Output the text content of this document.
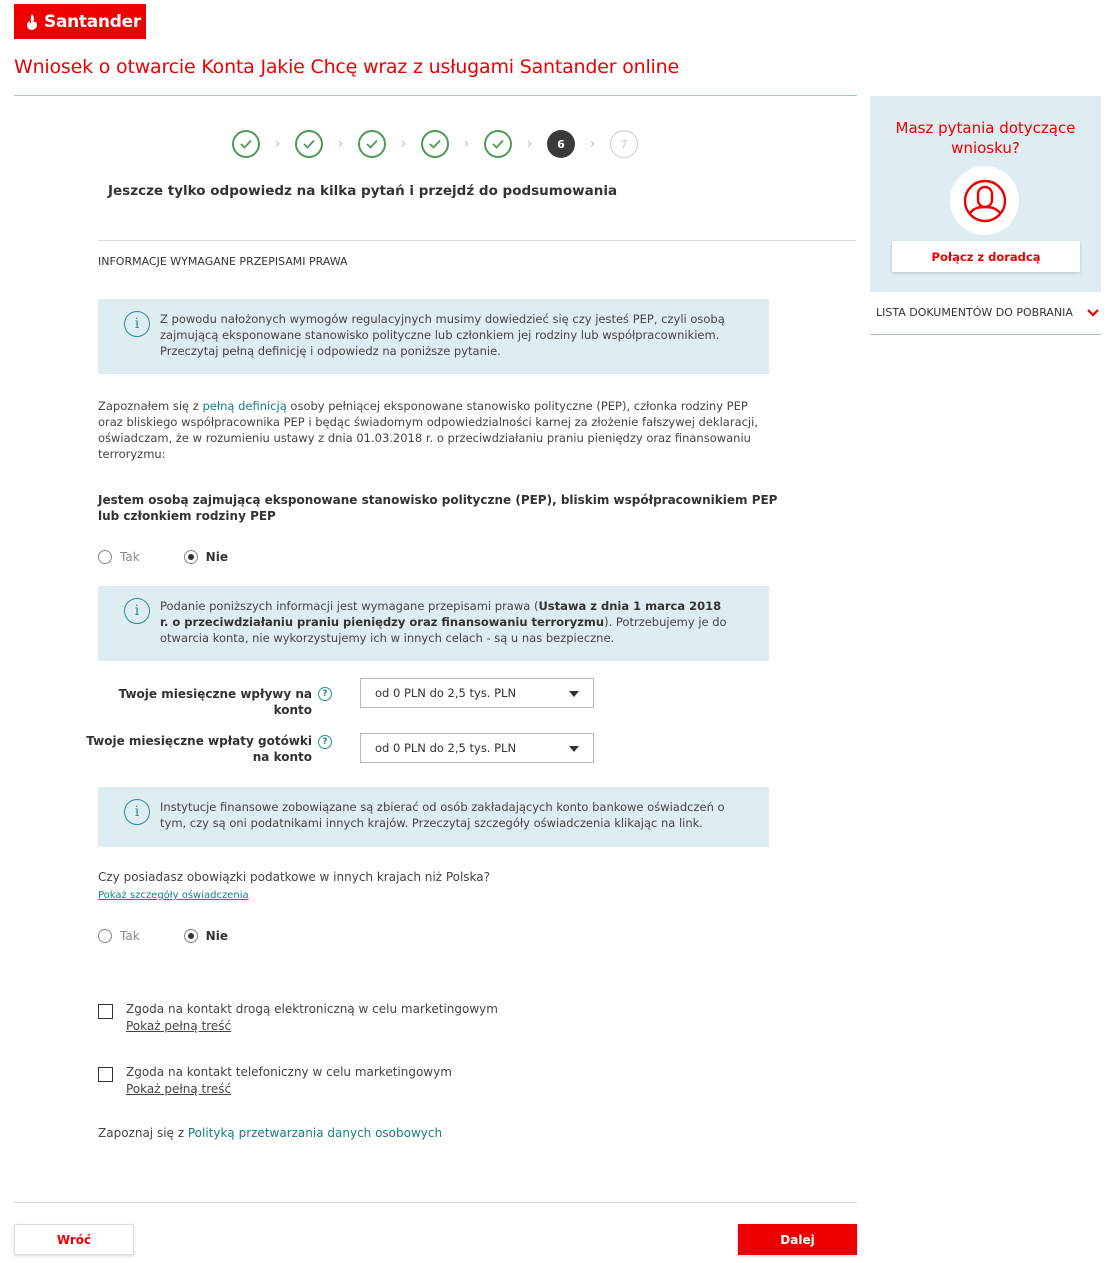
Santander
Wniosek o otwarcie Konta Jakie Chcę wraz z usługami Santander online
›	›	›	›	›	6	›	7
Jeszcze tylko odpowiedz na kilka pytań i przejdź do podsumowania
INFORMACJE WYMAGANE PRZEPISAMI PRAWA
i	Z powodu nałożonych wymogów regulacyjnych musimy dowiedzieć się czy jesteś PEP, czyli osobą zajmującą eksponowane stanowisko polityczne lub członkiem jej rodziny lub współpracownikiem. Przeczytaj pełną definicję i odpowiedz na poniższe pytanie.
Zapoznałem się z pełną definicją osoby pełniącej eksponowane stanowisko polityczne (PEP), członka rodziny PEP oraz bliskiego współpracownika PEP i będąc świadomym odpowiedzialności karnej za złożenie fałszywej deklaracji, oświadczam, że w rozumieniu ustawy z dnia 01.03.2018 r. o przeciwdziałaniu praniu pieniędzy oraz finansowaniu terroryzmu:
Jestem osobą zajmującą eksponowane stanowisko polityczne (PEP), bliskim współpracownikiem PEP lub członkiem rodziny PEP
Tak	Nie
i	Podanie poniższych informacji jest wymagane przepisami prawa (Ustawa z dnia 1 marca 2018 r. o przeciwdziałaniu praniu pieniędzy oraz finansowaniu terroryzmu). Potrzebujemy je do otwarcia konta, nie wykorzystujemy ich w innych celach - są u nas bezpieczne.
Twoje miesięczne wpływy na konto
?	od 0 PLN do 2,5 tys. PLN
Twoje miesięczne wpłaty gotówki
na konto
?	od 0 PLN do 2,5 tys. PLN
i	Instytucje finansowe zobowiązane są zbierać od osób zakładających konto bankowe oświadczeń o tym, czy są oni podatnikami innych krajów. Przeczytaj szczegóły oświadczenia klikając na link.
Czy posiadasz obowiązki podatkowe w innych krajach niż Polska?
Pokaż szczegóły oświadczenia
Tak	Nie
Zgoda na kontakt drogą elektroniczną w celu marketingowym
Pokaż pełną treść
Zgoda na kontakt telefoniczny w celu marketingowym
Pokaż pełną treść
Zapoznaj się z Polityką przetwarzania danych osobowych
Wróć	Dalej
Masz pytania dotyczące
wniosku?
Połącz z doradcą
LISTA DOKUMENTÓW DO POBRANIA
